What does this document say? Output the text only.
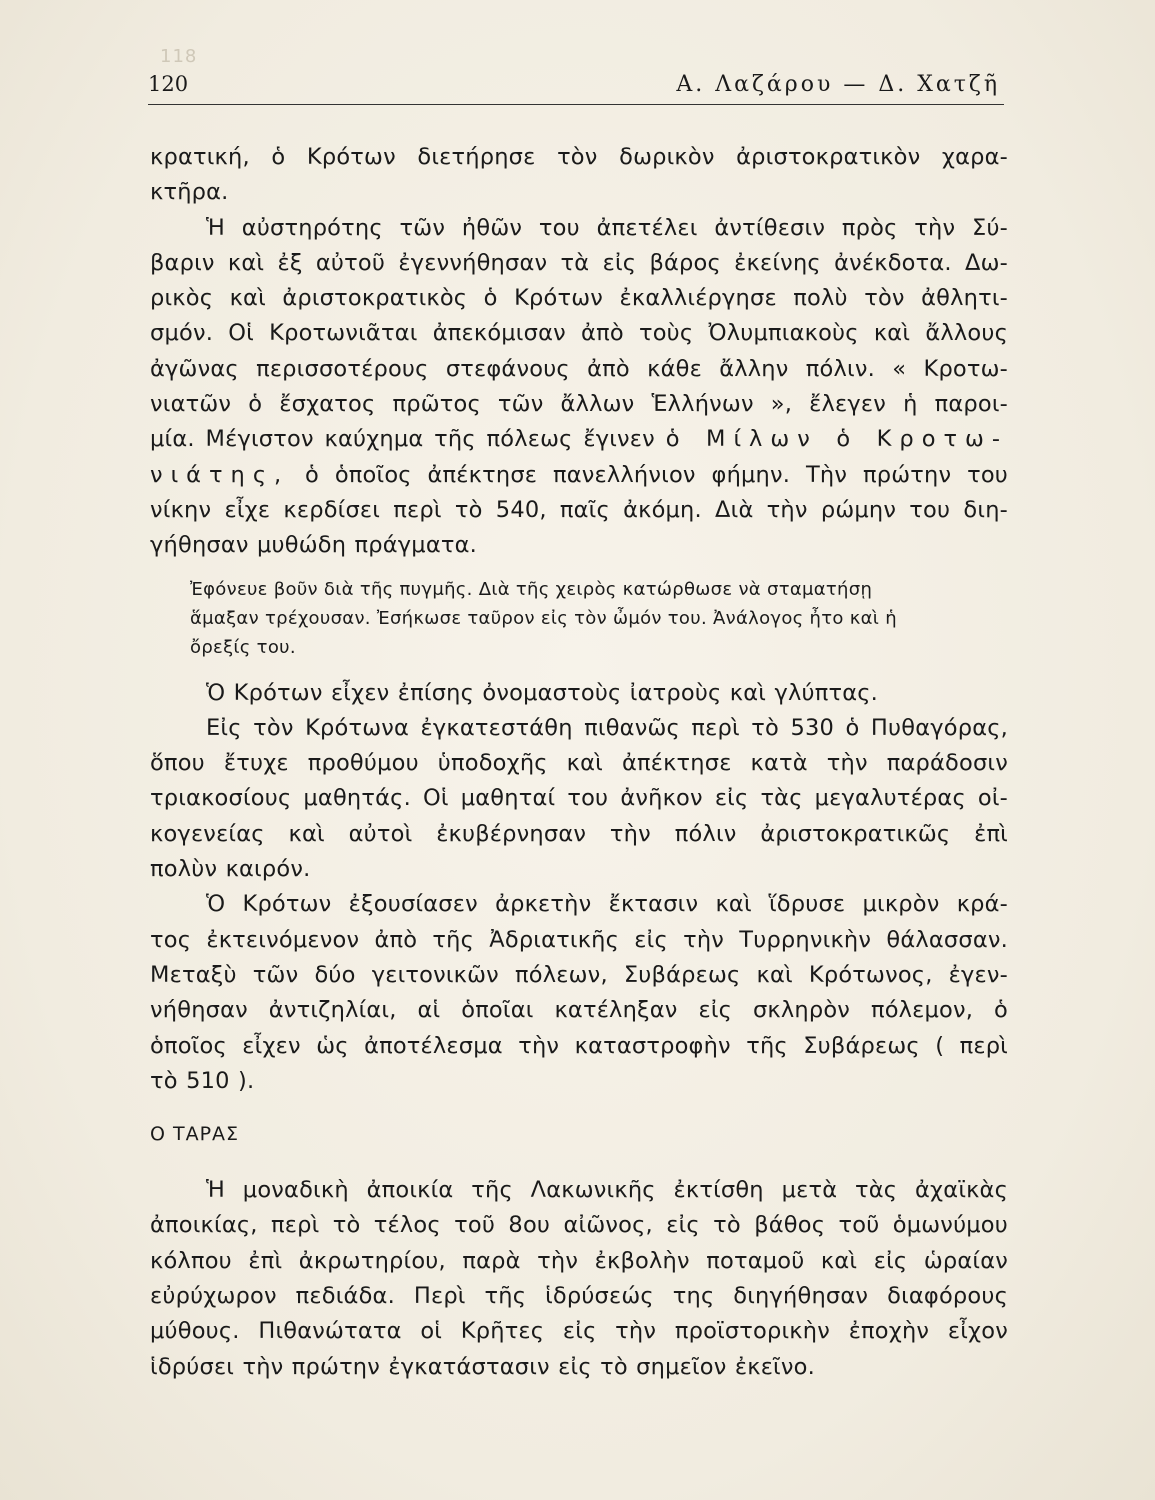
118
120	Α. Λαζάρου — Δ. Χατζῆ
κρατική, ὁ Κρότων διετήρησε τὸν δωρικὸν ἀριστοκρατικὸν χαρα-
κτῆρα.
Ἡ αὐστηρότης τῶν ἠθῶν του ἀπετέλει ἀντίθεσιν πρὸς τὴν Σύ-
βαριν καὶ ἐξ αὐτοῦ ἐγεννήθησαν τὰ εἰς βάρος ἐκείνης ἀνέκδοτα. Δω-
ρικὸς καὶ ἀριστοκρατικὸς ὁ Κρότων ἐκαλλιέργησε πολὺ τὸν ἀθλητι-
σμόν. Οἱ Κροτωνιᾶται ἀπεκόμισαν ἀπὸ τοὺς Ὀλυμπιακοὺς καὶ ἄλλους
ἀγῶνας περισσοτέρους στεφάνους ἀπὸ κάθε ἄλλην πόλιν. « Κροτω-
νιατῶν ὁ ἔσχατος πρῶτος τῶν ἄλλων Ἑλλήνων », ἔλεγεν ἡ παροι-
μία. Μέγιστον καύχημα τῆς πόλεως ἔγινεν ὁ Μίλων ὁ Κροτω-
νιάτης, ὁ ὁποῖος ἀπέκτησε πανελλήνιον φήμην. Τὴν πρώτην του
νίκην εἶχε κερδίσει περὶ τὸ 540, παῖς ἀκόμη. Διὰ τὴν ρώμην του διη-
γήθησαν μυθώδη πράγματα.
Ἐφόνευε βοῦν διὰ τῆς πυγμῆς. Διὰ τῆς χειρὸς κατώρθωσε νὰ σταματήσῃ
ἅμαξαν τρέχουσαν. Ἐσήκωσε ταῦρον εἰς τὸν ὦμόν του. Ἀνάλογος ἦτο καὶ ἡ
ὄρεξίς του.
Ὁ Κρότων εἶχεν ἐπίσης ὀνομαστοὺς ἰατροὺς καὶ γλύπτας.
Εἰς τὸν Κρότωνα ἐγκατεστάθη πιθανῶς περὶ τὸ 530 ὁ Πυθαγόρας,
ὅπου ἔτυχε προθύμου ὑποδοχῆς καὶ ἀπέκτησε κατὰ τὴν παράδοσιν
τριακοσίους μαθητάς. Οἱ μαθηταί του ἀνῆκον εἰς τὰς μεγαλυτέρας οἰ-
κογενείας καὶ αὐτοὶ ἐκυβέρνησαν τὴν πόλιν ἀριστοκρατικῶς ἐπὶ
πολὺν καιρόν.
Ὁ Κρότων ἐξουσίασεν ἀρκετὴν ἔκτασιν καὶ ἵδρυσε μικρὸν κρά-
τος ἐκτεινόμενον ἀπὸ τῆς Ἀδριατικῆς εἰς τὴν Τυρρηνικὴν θάλασσαν.
Μεταξὺ τῶν δύο γειτονικῶν πόλεων, Συβάρεως καὶ Κρότωνος, ἐγεν-
νήθησαν ἀντιζηλίαι, αἱ ὁποῖαι κατέληξαν εἰς σκληρὸν πόλεμον, ὁ
ὁποῖος εἶχεν ὡς ἀποτέλεσμα τὴν καταστροφὴν τῆς Συβάρεως ( περὶ
τὸ 510 ).
Ο ΤΑΡΑΣ
Ἡ μοναδικὴ ἀποικία τῆς Λακωνικῆς ἐκτίσθη μετὰ τὰς ἀχαϊκὰς
ἀποικίας, περὶ τὸ τέλος τοῦ 8ου αἰῶνος, εἰς τὸ βάθος τοῦ ὁμωνύμου
κόλπου ἐπὶ ἀκρωτηρίου, παρὰ τὴν ἐκβολὴν ποταμοῦ καὶ εἰς ὡραίαν
εὐρύχωρον πεδιάδα. Περὶ τῆς ἱδρύσεώς της διηγήθησαν διαφόρους
μύθους. Πιθανώτατα οἱ Κρῆτες εἰς τὴν προϊστορικὴν ἐποχὴν εἶχον
ἱδρύσει τὴν πρώτην ἐγκατάστασιν εἰς τὸ σημεῖον ἐκεῖνο.
